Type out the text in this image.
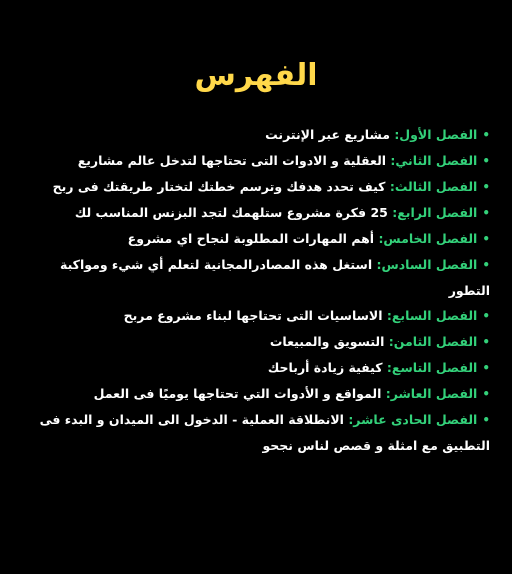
الفهرس
•الفصل الأول: مشاريع عبر الإنترنت
•الفصل الثاني: العقلية و الادوات التى تحتاجها لتدخل عالم مشاريع
•الفصل الثالث: كيف تحدد هدفك وترسم خطتك لتختار طريقتك فى ربح
•الفصل الرابع: 25 فكرة مشروع ستلهمك لتجد البزنس المناسب لك
•الفصل الخامس: أهم المهارات المطلوبة لنجاح اي مشروع
•الفصل السادس: استغل هذه المصادرالمجانية لتعلم أي شيء ومواكبة التطور
•الفصل السابع: الاساسيات التى تحتاجها لبناء مشروع مربح
•الفصل الثامن: التسويق والمبيعات
•الفصل التاسع: كيفية زيادة أرباحك
•الفصل العاشر: المواقع و الأدوات التي تحتاجها يوميًا فى العمل
•الفصل الحادى عاشر: الانطلاقة العملية - الدخول الى الميدان و البدء فى التطبيق مع امثلة و قصص لناس نجحو
